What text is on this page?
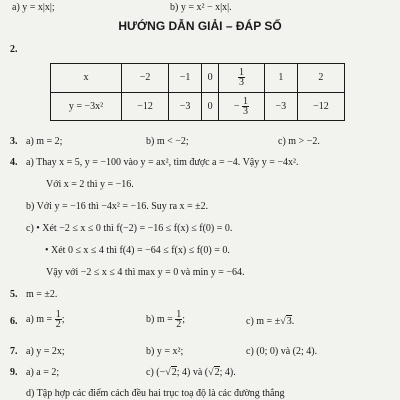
a) y = x|x|;	b) y = x² − x|x|.
HƯỚNG DẪN GIẢI – ĐÁP SỐ
2.
x	−2	−1	0	$\frac{1}{3}$	1	2
y = −3x²	−12	−3	0	− $\frac{1}{3}$	−3	−12
3. a) m = 2;	b) m < −2;	c) m > −2.
4. a) Thay x = 5, y = −100 vào y = ax², tìm được a = −4. Vậy y = −4x².
Với x = 2 thì y = −16.
b) Với y = −16 thì −4x² = −16. Suy ra x = ±2.
c) • Xét −2 ≤ x ≤ 0 thì f(−2) = −16 ≤ f(x) ≤ f(0) = 0.
• Xét 0 ≤ x ≤ 4 thì f(4) = −64 ≤ f(x) ≤ f(0) = 0.
Vậy với −2 ≤ x ≤ 4 thì max y = 0 và min y = −64.
5. m = ±2.
6. a) $m = \frac{1}{2}$ ;	b) $m = \frac{1}{2}$ ;	c) m = ±√3.
7. a) y = 2x;	b) y = x²;	c) (0; 0) và (2; 4).
9. a) a = 2;	c) (−√2; 4) và (√2; 4).
d) Tập hợp các điểm cách đều hai trục toạ độ là các đường thẳng
